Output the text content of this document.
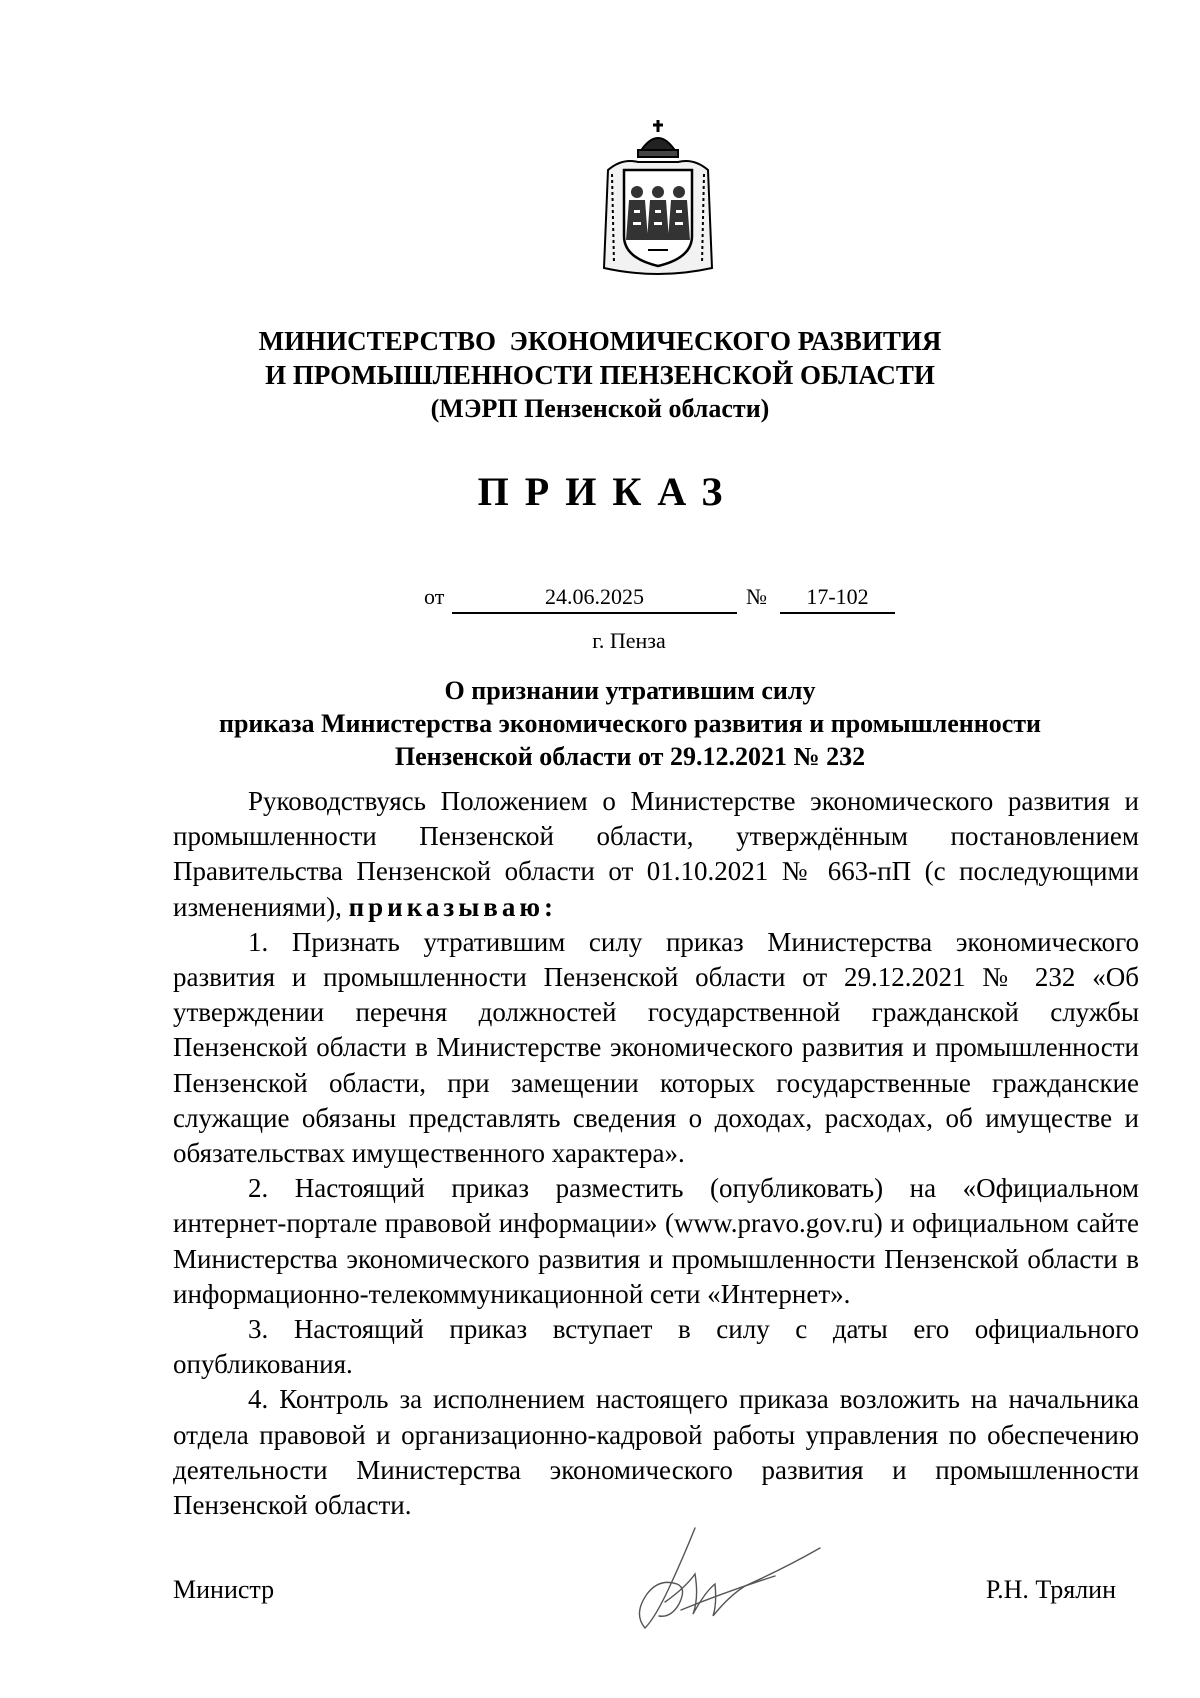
МИНИСТЕРСТВО  ЭКОНОМИЧЕСКОГО РАЗВИТИЯ
И ПРОМЫШЛЕННОСТИ ПЕНЗЕНСКОЙ ОБЛАСТИ
(МЭРП Пензенской области)
ПРИКАЗ
от	24.06.2025	№	17-102
г. Пенза
О признании утратившим силу
приказа Министерства экономического развития и промышленности
Пензенской области от 29.12.2021 № 232

Руководствуясь Положением о Министерстве экономического развития и промышленности Пензенской области, утверждённым постановлением Правительства Пензенской области от 01.10.2021 № 663-пП (с последующими изменениями), приказываю:

1. Признать утратившим силу приказ Министерства экономического развития и промышленности Пензенской области от 29.12.2021 № 232 «Об утверждении перечня должностей государственной гражданской службы Пензенской области в Министерстве экономического развития и промышленности Пензенской области, при замещении которых государственные гражданские служащие обязаны представлять сведения о доходах, расходах, об имуществе и обязательствах имущественного характера».

2. Настоящий приказ разместить (опубликовать) на «Официальном интернет-портале правовой информации» (www.pravo.gov.ru) и официальном сайте Министерства экономического развития и промышленности Пензенской области в информационно-телекоммуникационной сети «Интернет».

3. Настоящий приказ вступает в силу с даты его официального опубликования.

4. Контроль за исполнением настоящего приказа возложить на начальника отдела правовой и организационно-кадровой работы управления по обеспечению деятельности Министерства экономического развития и промышленности Пензенской области.

Министр	Р.Н. Трялин
